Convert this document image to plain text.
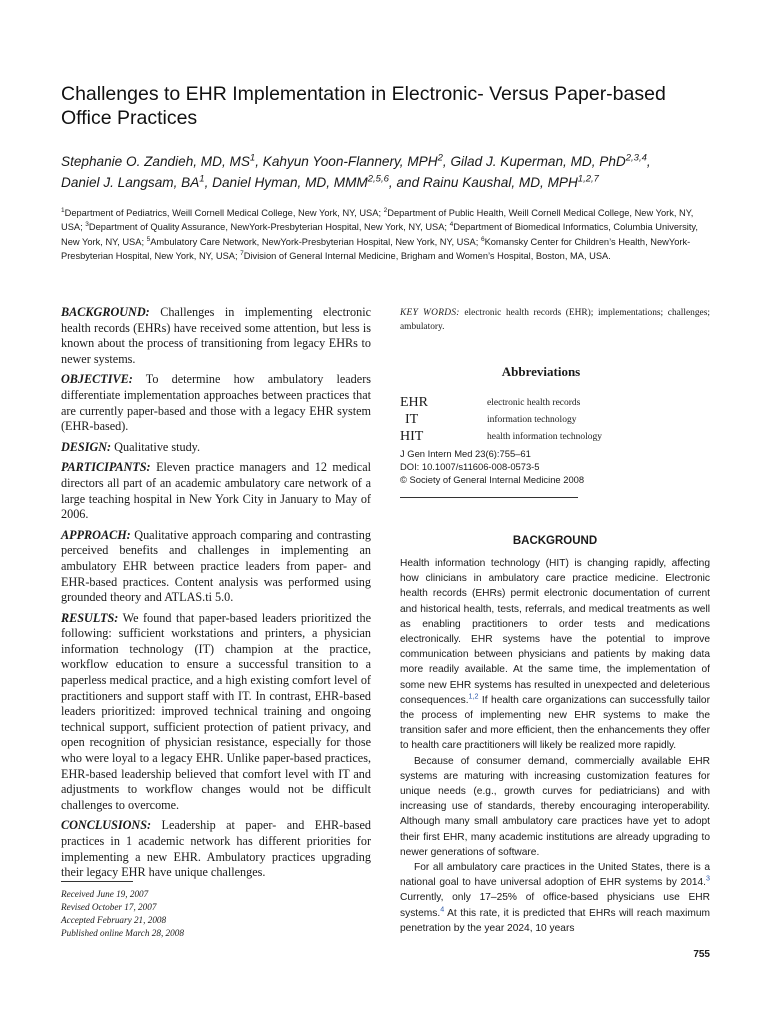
Challenges to EHR Implementation in Electronic- Versus Paper-based Office Practices
Stephanie O. Zandieh, MD, $MS^1$, Kahyun Yoon-Flannery, MPH$^2$, Gilad J. Kuperman, MD, PhD$^{2,3,4}$,
Daniel J. Langsam, $BA^1$, Daniel Hyman, MD, MMM$^{2,5,6}$, and Rainu Kaushal, MD, MPH$^{1,2,7}$
$^1$Department of Pediatrics, Weill Cornell Medical College, New York, NY, USA; $^2$Department of Public Health, Weill Cornell Medical College, New York, NY, USA; $^3$Department of Quality Assurance, NewYork-Presbyterian Hospital, New York, NY, USA; $^4$Department of Biomedical Informatics, Columbia University, New York, NY, USA; $^5$Ambulatory Care Network, NewYork-Presbyterian Hospital, New York, NY, USA; $^6$Komansky Center for Children’s Health, NewYork-Presbyterian Hospital, New York, NY, USA; $^7$Division of General Internal Medicine, Brigham and Women’s Hospital, Boston, MA, USA.

BACKGROUND: Challenges in implementing electronic health records (EHRs) have received some attention, but less is known about the process of transitioning from legacy EHRs to newer systems.

OBJECTIVE: To determine how ambulatory leaders differentiate implementation approaches between practices that are currently paper-based and those with a legacy EHR system (EHR-based).

DESIGN: Qualitative study.

PARTICIPANTS: Eleven practice managers and 12 medical directors all part of an academic ambulatory care network of a large teaching hospital in New York City in January to May of 2006.

APPROACH: Qualitative approach comparing and contrasting perceived benefits and challenges in implementing an ambulatory EHR between practice leaders from paper- and EHR-based practices. Content analysis was performed using grounded theory and ATLAS.ti 5.0.

RESULTS: We found that paper-based leaders prioritized the following: sufficient workstations and printers, a physician information technology (IT) champion at the practice, workflow education to ensure a successful transition to a paperless medical practice, and a high existing comfort level of practitioners and support staff with IT. In contrast, EHR-based leaders prioritized: improved technical training and ongoing technical support, sufficient protection of patient privacy, and open recognition of physician resistance, especially for those who were loyal to a legacy EHR. Unlike paper-based practices, EHR-based leadership believed that comfort level with IT and adjustments to workflow changes would not be difficult challenges to overcome.

CONCLUSIONS: Leadership at paper- and EHR-based practices in 1 academic network has different priorities for implementing a new EHR. Ambulatory practices upgrading their legacy EHR have unique challenges.

Received June 19, 2007
Revised October 17, 2007
Accepted February 21, 2008
Published online March 28, 2008
KEY WORDS: electronic health records (EHR); implementations; challenges; ambulatory.
Abbreviations
EHR	electronic health records
IT	information technology
HIT	health information technology
J Gen Intern Med 23(6):755–61
DOI: 10.1007/s11606-008-0573-5
© Society of General Internal Medicine 2008
BACKGROUND

Health information technology (HIT) is changing rapidly, affecting how clinicians in ambulatory care practice medicine. Electronic health records (EHRs) permit electronic documentation of current and historical health, tests, referrals, and medical treatments as well as enabling practitioners to order tests and medications electronically. EHR systems have the potential to improve communication between physicians and patients by making data more readily available. At the same time, the implementation of some new EHR systems has resulted in unexpected and deleterious consequences.$^{1,2}$ If health care organizations can successfully tailor the process of implementing new EHR systems to make the transition safer and more efficient, then the enhancements they offer to health care practitioners will likely be realized more rapidly.

Because of consumer demand, commercially available EHR systems are maturing with increasing customization features for unique needs (e.g., growth curves for pediatricians) and with increasing use of standards, thereby encouraging interoperability. Although many small ambulatory care practices have yet to adopt their first EHR, many academic institutions are already upgrading to newer generations of software.

For all ambulatory care practices in the United States, there is a national goal to have universal adoption of EHR systems by 2014.$^3$ Currently, only 17–25% of office-based physicians use EHR systems.$^4$ At this rate, it is predicted that EHRs will reach maximum penetration by the year 2024, 10 years

755
